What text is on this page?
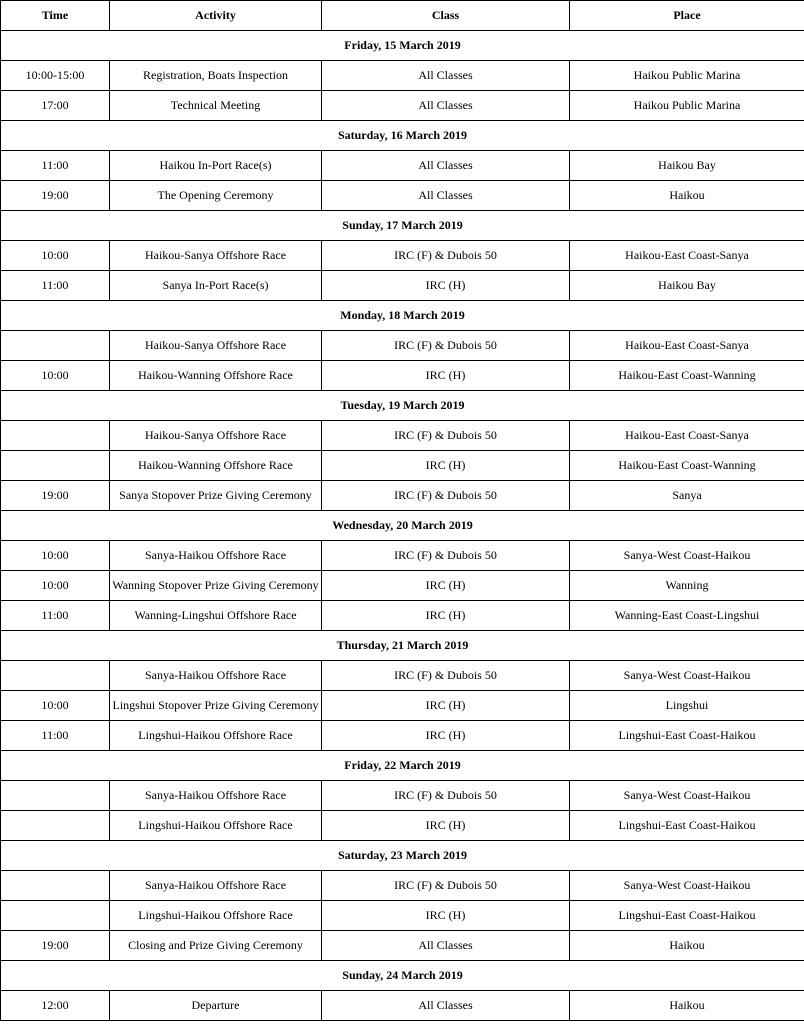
Time	Activity	Class	Place
Friday, 15 March 2019			
10:00-15:00	Registration, Boats Inspection	All Classes	Haikou Public Marina
17:00	Technical Meeting	All Classes	Haikou Public Marina
Saturday, 16 March 2019			
11:00	Haikou In-Port Race(s)	All Classes	Haikou Bay
19:00	The Opening Ceremony	All Classes	Haikou
Sunday, 17 March 2019			
10:00	Haikou-Sanya Offshore Race	IRC (F) & Dubois 50	Haikou-East Coast-Sanya
11:00	Sanya In-Port Race(s)	IRC (H)	Haikou Bay
Monday, 18 March 2019			
	Haikou-Sanya Offshore Race	IRC (F) & Dubois 50	Haikou-East Coast-Sanya
10:00	Haikou-Wanning Offshore Race	IRC (H)	Haikou-East Coast-Wanning
Tuesday, 19 March 2019			
	Haikou-Sanya Offshore Race	IRC (F) & Dubois 50	Haikou-East Coast-Sanya
	Haikou-Wanning Offshore Race	IRC (H)	Haikou-East Coast-Wanning
19:00	Sanya Stopover Prize Giving Ceremony	IRC (F) & Dubois 50	Sanya
Wednesday, 20 March 2019			
10:00	Sanya-Haikou Offshore Race	IRC (F) & Dubois 50	Sanya-West Coast-Haikou
10:00	Wanning Stopover Prize Giving Ceremony	IRC (H)	Wanning
11:00	Wanning-Lingshui Offshore Race	IRC (H)	Wanning-East Coast-Lingshui
Thursday, 21 March 2019			
	Sanya-Haikou Offshore Race	IRC (F) & Dubois 50	Sanya-West Coast-Haikou
10:00	Lingshui Stopover Prize Giving Ceremony	IRC (H)	Lingshui
11:00	Lingshui-Haikou Offshore Race	IRC (H)	Lingshui-East Coast-Haikou
Friday, 22 March 2019			
	Sanya-Haikou Offshore Race	IRC (F) & Dubois 50	Sanya-West Coast-Haikou
	Lingshui-Haikou Offshore Race	IRC (H)	Lingshui-East Coast-Haikou
Saturday, 23 March 2019			
	Sanya-Haikou Offshore Race	IRC (F) & Dubois 50	Sanya-West Coast-Haikou
	Lingshui-Haikou Offshore Race	IRC (H)	Lingshui-East Coast-Haikou
19:00	Closing and Prize Giving Ceremony	All Classes	Haikou
Sunday, 24 March 2019			
12:00	Departure	All Classes	Haikou
